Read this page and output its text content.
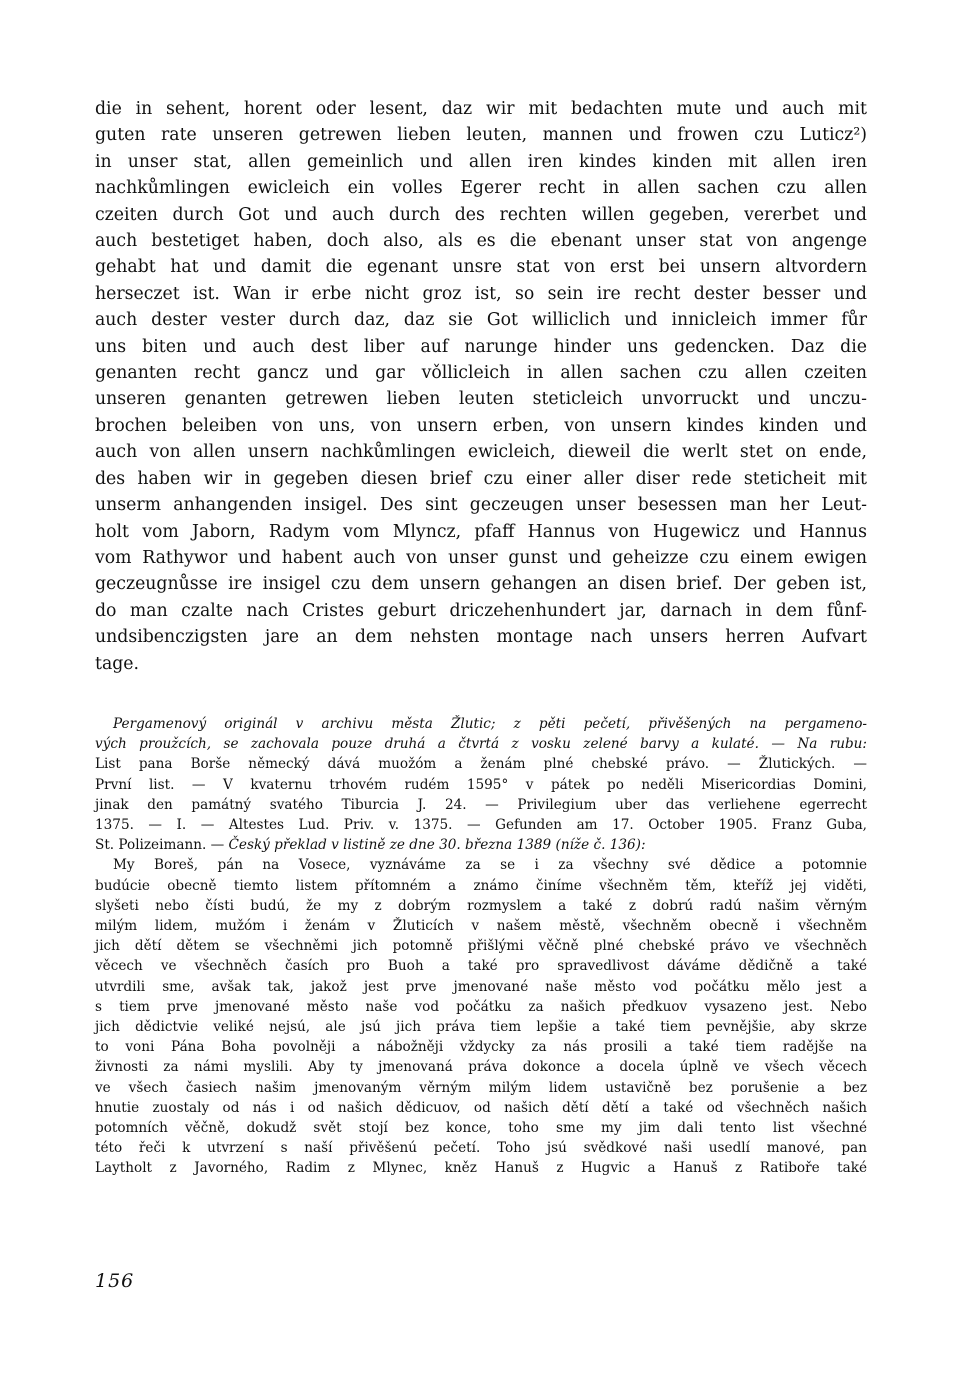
die in sehent, horent oder lesent, daz wir mit bedachten mute und auch mit
guten rate unseren getrewen lieben leuten, mannen und frowen czu Luticz²)
in unser stat, allen gemeinlich und allen iren kindes kinden mit allen iren
nachkůmlingen ewicleich ein volles Egerer recht in allen sachen czu allen
czeiten durch Got und auch durch des rechten willen gegeben, vererbet und
auch bestetiget haben, doch also, als es die ebenant unser stat von angenge
gehabt hat und damit die egenant unsre stat von erst bei unsern altvordern
herseczet ist. Wan ir erbe nicht groz ist, so sein ire recht dester besser und
auch dester vester durch daz, daz sie Got williclich und innicleich immer fůr
uns biten und auch dest liber auf narunge hinder uns gedencken. Daz die
genanten recht gancz und gar vǒllicleich in allen sachen czu allen czeiten
unseren genanten getrewen lieben leuten steticleich unvorruckt und unczu-
brochen beleiben von uns, von unsern erben, von unsern kindes kinden und
auch von allen unsern nachkůmlingen ewicleich, dieweil die werlt stet on ende,
des haben wir in gegeben diesen brief czu einer aller diser rede steticheit mit
unserm anhangenden insigel. Des sint geczeugen unser besessen man her Leut-
holt vom Jaborn, Radym vom Mlyncz, pfaff Hannus von Hugewicz und Hannus
vom Rathywor und habent auch von unser gunst und geheizze czu einem ewigen
geczeugnůsse ire insigel czu dem unsern gehangen an disen brief. Der geben ist,
do man czalte nach Cristes geburt driczehenhundert jar, darnach in dem fůnf-
undsibenczigsten jare an dem nehsten montage nach unsers herren Aufvart
tage.
Pergamenový originál v archivu města Žlutic; z pěti pečetí, přivěšených na pergameno-
vých proužcích, se zachovala pouze druhá a čtvrtá z vosku zelené barvy a kulaté. — Na rubu:
List pana Borše německý dává muožóm a ženám plné chebské právo. — Žlutických. —
První list. — V kvaternu trhovém rudém 1595° v pátek po neděli Misericordias Domini,
jinak den památný svatého Tiburcia J. 24. — Privilegium uber das verliehene egerrecht
1375. — I. — Altestes Lud. Priv. v. 1375. — Gefunden am 17. October 1905. Franz Guba,
St. Polizeimann. — Český překlad v listině ze dne 30. března 1389 (níže č. 136):
My Boreš, pán na Vosece, vyznáváme za se i za všechny své dědice a potomnie
budúcie obecně tiemto listem přítomném a známo činíme všechněm těm, kteříž jej viděti,
slyšeti nebo čísti budú, že my z dobrým rozmyslem a také z dobrú radú našim věrným
milým lidem, mužóm i ženám v Žluticích v našem městě, všechněm obecně i všechněm
jich dětí dětem se všechněmi jich potomně přišlými věčně plné chebské právo ve všechněch
věcech ve všechněch časích pro Buoh a také pro spravedlivost dáváme dědičně a také
utvrdili sme, avšak tak, jakož jest prve jmenované naše město vod počátku mělo jest a
s tiem prve jmenované město naše vod počátku za našich předkuov vysazeno jest. Nebo
jich dědictvie veliké nejsú, ale jsú jich práva tiem lepšie a také tiem pevnějšie, aby skrze
to voni Pána Boha povolněji a nábožněji vždycky za nás prosili a také tiem radějše na
živnosti za námi myslili. Aby ty jmenovaná práva dokonce a docela úplně ve všech věcech
ve všech časiech našim jmenovaným věrným milým lidem ustavičně bez porušenie a bez
hnutie zuostaly od nás i od našich dědicuov, od našich dětí dětí a také od všechněch našich
potomních věčně, dokudž svět stojí bez konce, toho sme my jim dali tento list všechné
této řeči k utvrzení s naší přivěšenú pečetí. Toho jsú svědkové naši usedlí manové, pan
Laytholt z Javorného, Radim z Mlynec, kněz Hanuš z Hugvic a Hanuš z Ratiboře také
156
